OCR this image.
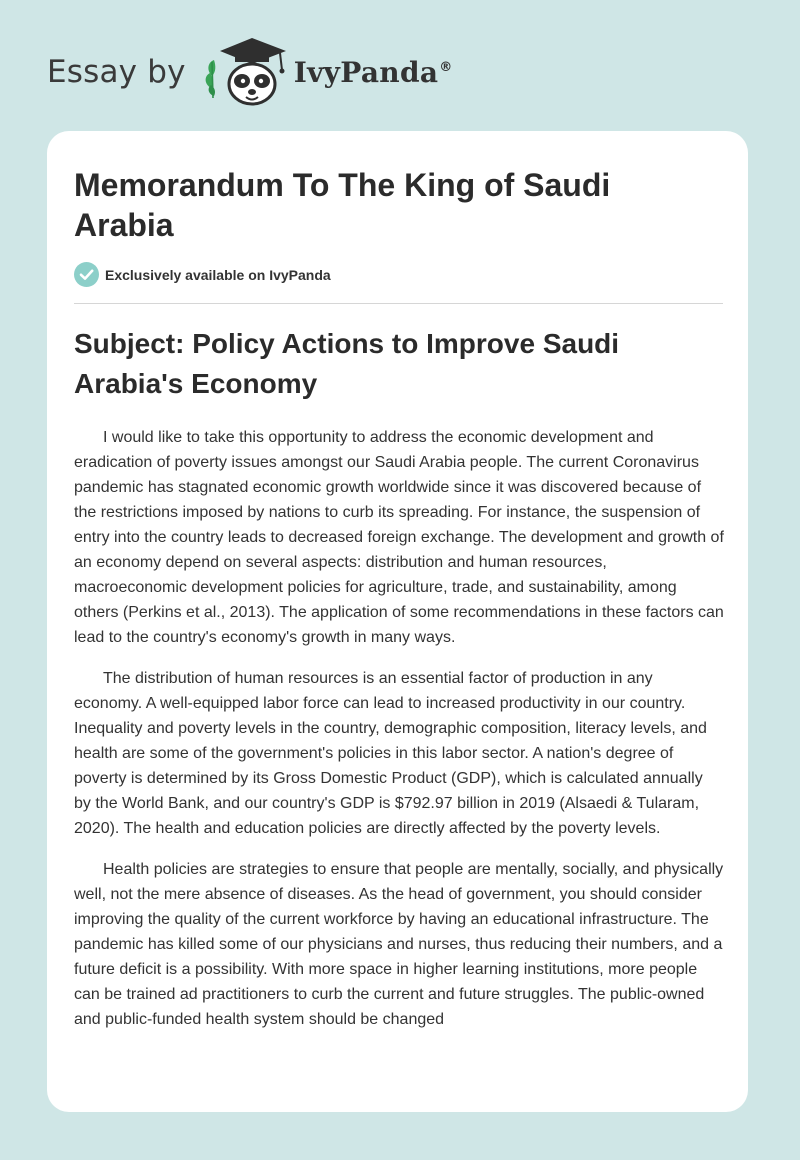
Essay by	IvyPanda®
Memorandum To The King of Saudi Arabia
Exclusively available on IvyPanda
Subject: Policy Actions to Improve Saudi Arabia's Economy

I would like to take this opportunity to address the economic development and eradication of poverty issues amongst our Saudi Arabia people. The current Coronavirus pandemic has stagnated economic growth worldwide since it was discovered because of the restrictions imposed by nations to curb its spreading. For instance, the suspension of entry into the country leads to decreased foreign exchange. The development and growth of an economy depend on several aspects: distribution and human resources, macroeconomic development policies for agriculture, trade, and sustainability, among others (Perkins et al., 2013). The application of some recommendations in these factors can lead to the country's economy's growth in many ways.

The distribution of human resources is an essential factor of production in any economy. A well-equipped labor force can lead to increased productivity in our country. Inequality and poverty levels in the country, demographic composition, literacy levels, and health are some of the government's policies in this labor sector. A nation's degree of poverty is determined by its Gross Domestic Product (GDP), which is calculated annually by the World Bank, and our country's GDP is $792.97 billion in 2019 (Alsaedi & Tularam, 2020). The health and education policies are directly affected by the poverty levels.

Health policies are strategies to ensure that people are mentally, socially, and physically well, not the mere absence of diseases. As the head of government, you should consider improving the quality of the current workforce by having an educational infrastructure. The pandemic has killed some of our physicians and nurses, thus reducing their numbers, and a future deficit is a possibility. With more space in higher learning institutions, more people can be trained ad practitioners to curb the current and future struggles. The public-owned and public-funded health system should be changed
